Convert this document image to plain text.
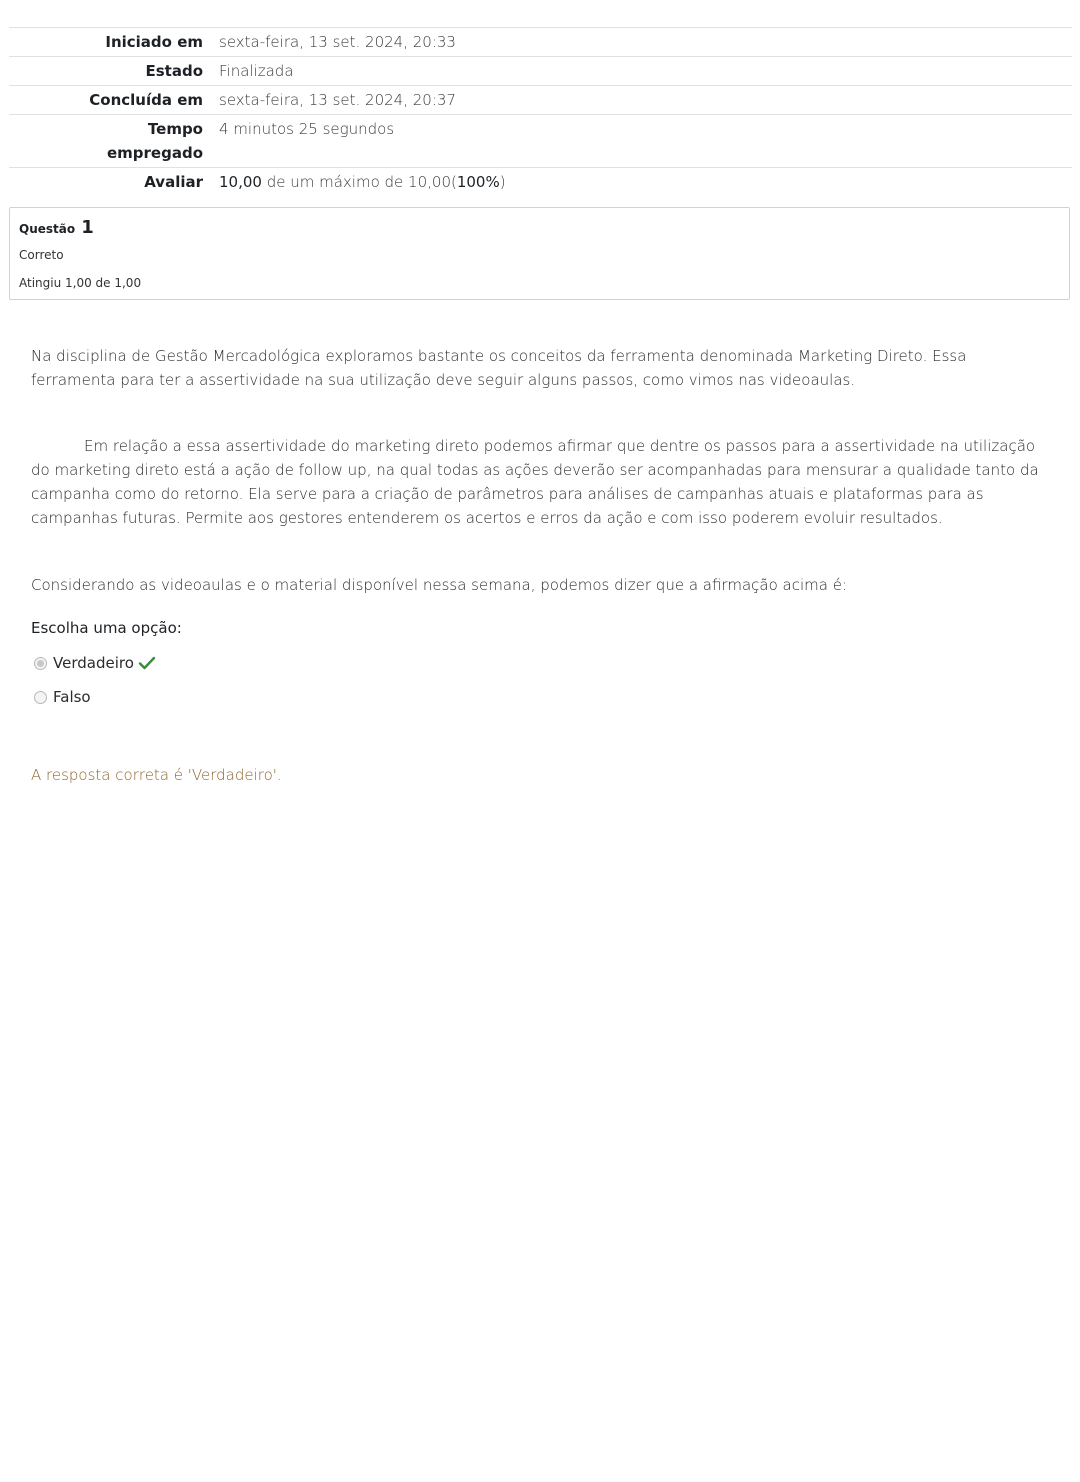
Iniciado em	sexta-feira, 13 set. 2024, 20:33
Estado	Finalizada
Concluída em	sexta-feira, 13 set. 2024, 20:37
Tempo empregado	4 minutos 25 segundos
Avaliar	10,00 de um máximo de 10,00(100%)
Questão 1
Correto
Atingiu 1,00 de 1,00

Na disciplina de Gestão Mercadológica exploramos bastante os conceitos da ferramenta denominada Marketing Direto. Essa ferramenta para ter a assertividade na sua utilização deve seguir alguns passos, como vimos nas videoaulas.

Em relação a essa assertividade do marketing direto podemos afirmar que dentre os passos para a assertividade na utilização do marketing direto está a ação de follow up, na qual todas as ações deverão ser acompanhadas para mensurar a qualidade tanto da campanha como do retorno. Ela serve para a criação de parâmetros para análises de campanhas atuais e plataformas para as campanhas futuras. Permite aos gestores entenderem os acertos e erros da ação e com isso poderem evoluir resultados.

Considerando as videoaulas e o material disponível nessa semana, podemos dizer que a afirmação acima é:

Escolha uma opção:
Verdadeiro
Falso
A resposta correta é 'Verdadeiro'.
